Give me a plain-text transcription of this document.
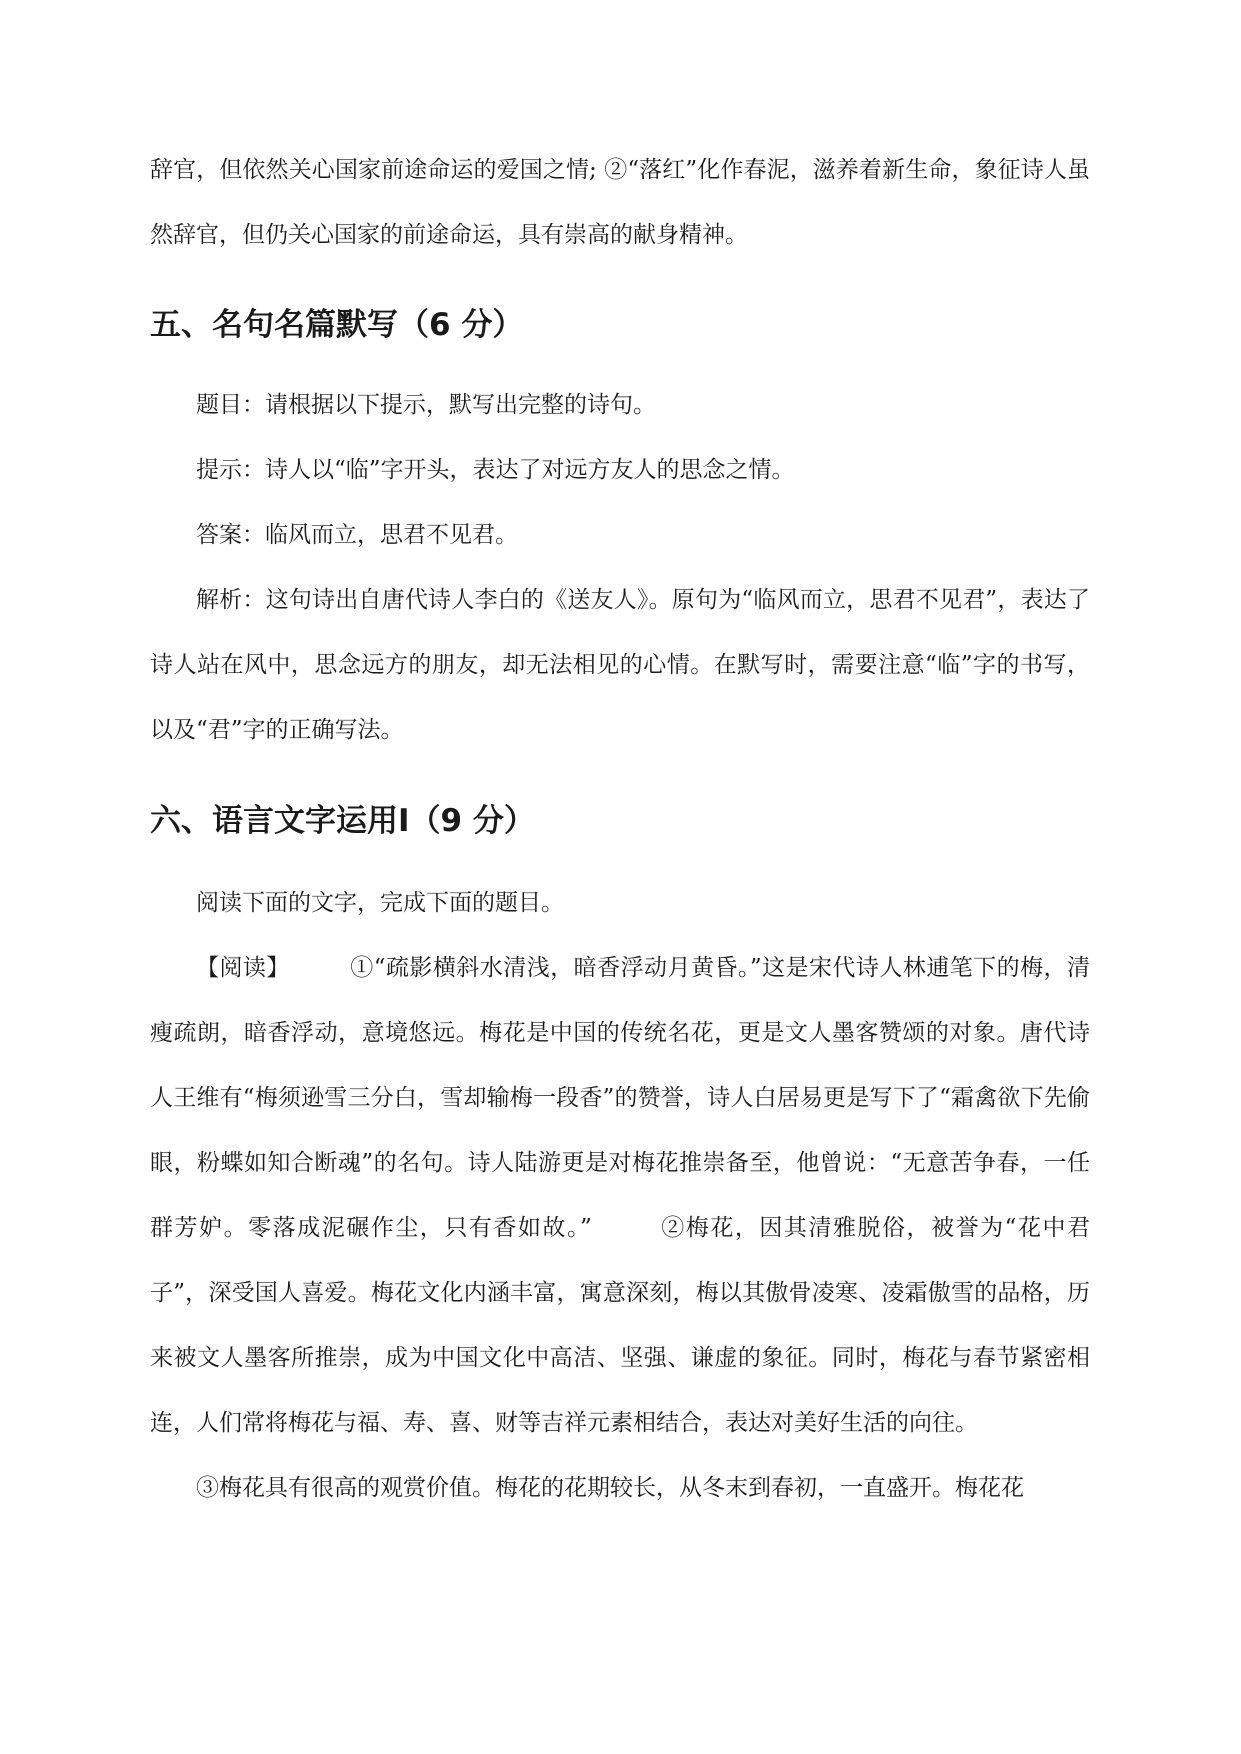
辞官，但依然关心国家前途命运的爱国之情; ②“落红”化作春泥，滋养着新生命，象征诗人虽然辞官，但仍关心国家的前途命运，具有崇高的献身精神。

五、名句名篇默写（6 分）

题目：请根据以下提示，默写出完整的诗句。

提示：诗人以“临”字开头，表达了对远方友人的思念之情。

答案：临风而立，思君不见君。

解析：这句诗出自唐代诗人李白的《送友人》。原句为“临风而立，思君不见君”，表达了诗人站在风中，思念远方的朋友，却无法相见的心情。在默写时，需要注意“临”字的书写，以及“君”字的正确写法。

六、语言文字运用Ⅰ（9 分）

阅读下面的文字，完成下面的题目。

【阅读】	①“疏影横斜水清浅，暗香浮动月黄昏。”这是宋代诗人林逋笔下的梅，清瘦疏朗，暗香浮动，意境悠远。梅花是中国的传统名花，更是文人墨客赞颂的对象。唐代诗人王维有“梅须逊雪三分白，雪却输梅一段香”的赞誉，诗人白居易更是写下了“霜禽欲下先偷眼，粉蝶如知合断魂”的名句。诗人陆游更是对梅花推崇备至，他曾说：“无意苦争春，一任群芳妒。零落成泥碾作尘，只有香如故。”	②梅花，因其清雅脱俗，被誉为“花中君子”，深受国人喜爱。梅花文化内涵丰富，寓意深刻，梅以其傲骨凌寒、凌霜傲雪的品格，历来被文人墨客所推崇，成为中国文化中高洁、坚强、谦虚的象征。同时，梅花与春节紧密相连，人们常将梅花与福、寿、喜、财等吉祥元素相结合，表达对美好生活的向往。

③梅花具有很高的观赏价值。梅花的花期较长，从冬末到春初，一直盛开。梅花花
